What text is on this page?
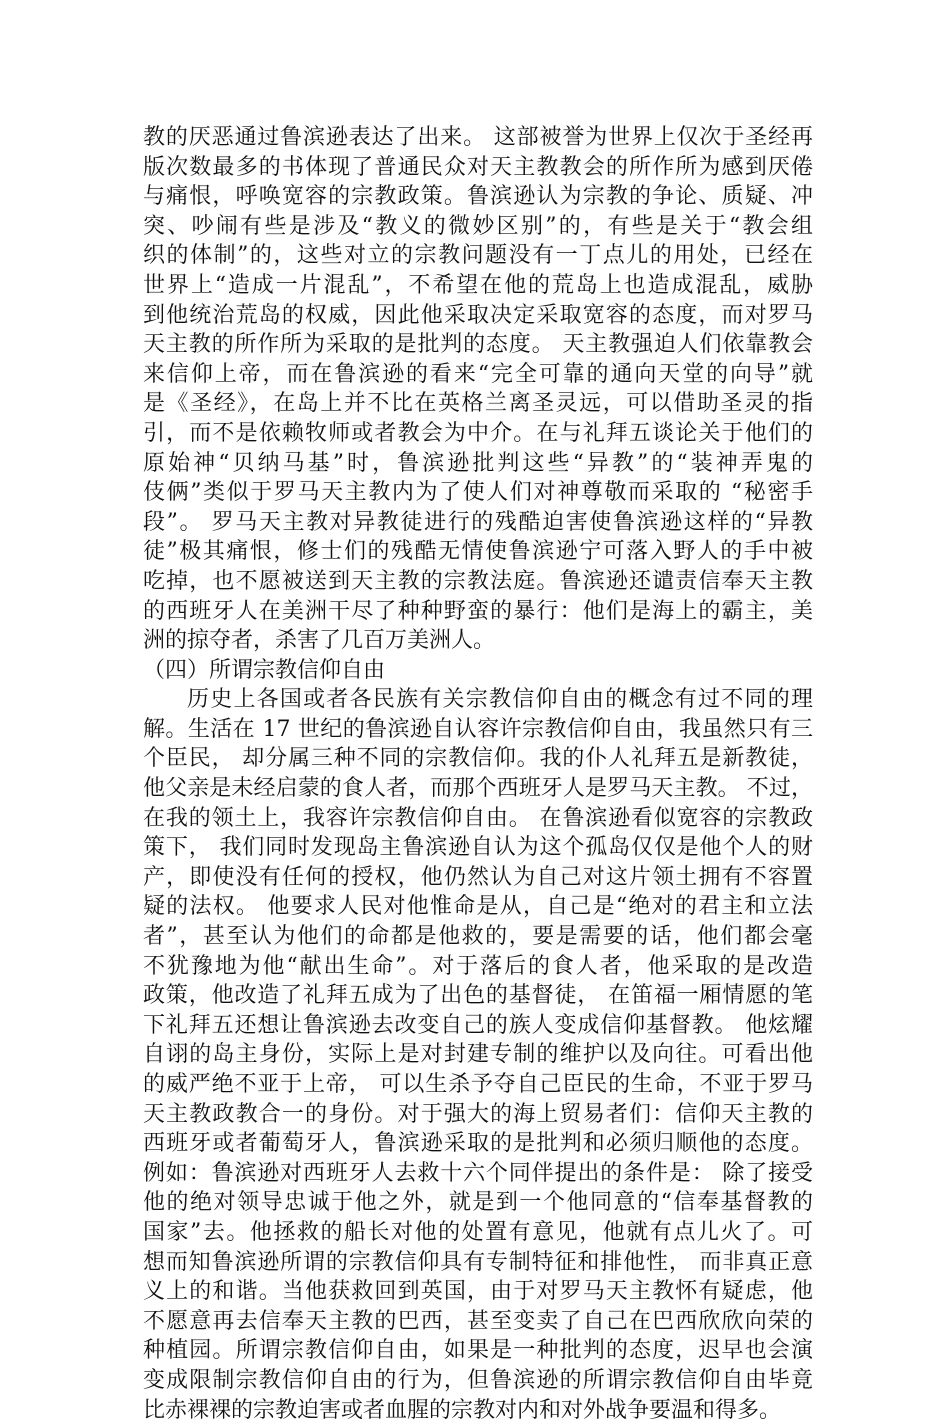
教的厌恶通过鲁滨逊表达了出来。 这部被誉为世界上仅次于圣经再
版次数最多的书体现了普通民众对天主教教会的所作所为感到厌倦
与痛恨，呼唤宽容的宗教政策。鲁滨逊认为宗教的争论、质疑、冲
突、吵闹有些是涉及“教义的微妙区别”的，有些是关于“教会组
织的体制”的，这些对立的宗教问题没有一丁点儿的用处，已经在
世界上“造成一片混乱”，不希望在他的荒岛上也造成混乱，威胁
到他统治荒岛的权威，因此他采取决定采取宽容的态度，而对罗马
天主教的所作所为采取的是批判的态度。 天主教强迫人们依靠教会
来信仰上帝，而在鲁滨逊的看来“完全可靠的通向天堂的向导”就
是《圣经》，在岛上并不比在英格兰离圣灵远，可以借助圣灵的指
引，而不是依赖牧师或者教会为中介。在与礼拜五谈论关于他们的
原始神“贝纳马基”时，鲁滨逊批判这些“异教”的“装神弄鬼的
伎俩”类似于罗马天主教内为了使人们对神尊敬而采取的 “秘密手
段”。 罗马天主教对异教徒进行的残酷迫害使鲁滨逊这样的“异教
徒”极其痛恨，修士们的残酷无情使鲁滨逊宁可落入野人的手中被
吃掉，也不愿被送到天主教的宗教法庭。鲁滨逊还谴责信奉天主教
的西班牙人在美洲干尽了种种野蛮的暴行：他们是海上的霸主，美
洲的掠夺者，杀害了几百万美洲人。
（四）所谓宗教信仰自由
历史上各国或者各民族有关宗教信仰自由的概念有过不同的理
解。生活在 17 世纪的鲁滨逊自认容许宗教信仰自由，我虽然只有三
个臣民， 却分属三种不同的宗教信仰。我的仆人礼拜五是新教徒，
他父亲是未经启蒙的食人者，而那个西班牙人是罗马天主教。 不过，
在我的领土上，我容许宗教信仰自由。 在鲁滨逊看似宽容的宗教政
策下， 我们同时发现岛主鲁滨逊自认为这个孤岛仅仅是他个人的财
产，即使没有任何的授权，他仍然认为自己对这片领土拥有不容置
疑的法权。 他要求人民对他惟命是从，自己是“绝对的君主和立法
者”，甚至认为他们的命都是他救的，要是需要的话，他们都会毫
不犹豫地为他“献出生命”。对于落后的食人者，他采取的是改造
政策，他改造了礼拜五成为了出色的基督徒， 在笛福一厢情愿的笔
下礼拜五还想让鲁滨逊去改变自己的族人变成信仰基督教。 他炫耀
自诩的岛主身份，实际上是对封建专制的维护以及向往。可看出他
的威严绝不亚于上帝， 可以生杀予夺自己臣民的生命，不亚于罗马
天主教政教合一的身份。对于强大的海上贸易者们：信仰天主教的
西班牙或者葡萄牙人，鲁滨逊采取的是批判和必须归顺他的态度。
例如：鲁滨逊对西班牙人去救十六个同伴提出的条件是： 除了接受
他的绝对领导忠诚于他之外，就是到一个他同意的“信奉基督教的
国家”去。他拯救的船长对他的处置有意见，他就有点儿火了。可
想而知鲁滨逊所谓的宗教信仰具有专制特征和排他性， 而非真正意
义上的和谐。当他获救回到英国，由于对罗马天主教怀有疑虑，他
不愿意再去信奉天主教的巴西，甚至变卖了自己在巴西欣欣向荣的
种植园。所谓宗教信仰自由，如果是一种批判的态度，迟早也会演
变成限制宗教信仰自由的行为，但鲁滨逊的所谓宗教信仰自由毕竟
比赤裸裸的宗教迫害或者血腥的宗教对内和对外战争要温和得多。
